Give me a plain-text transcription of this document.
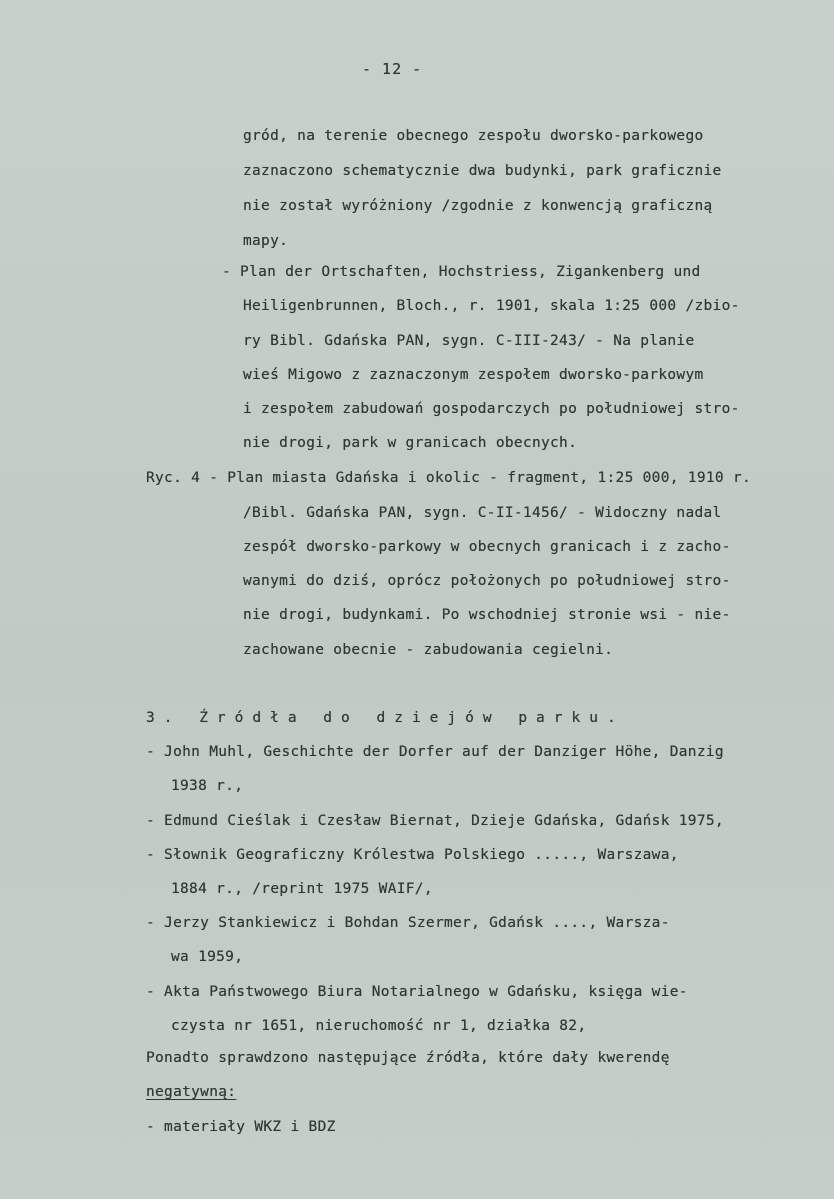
- 12 -
gród, na terenie obecnego zespołu dworsko-parkowego
zaznaczono schematycznie dwa budynki, park graficznie
nie został wyróżniony /zgodnie z konwencją graficzną
mapy.
- Plan der Ortschaften, Hochstriess, Zigankenberg und
Heiligenbrunnen, Bloch., r. 1901, skala 1:25 000 /zbio-
ry Bibl. Gdańska PAN, sygn. C-III-243/ - Na planie
wieś Migowo z zaznaczonym zespołem dworsko-parkowym
i zespołem zabudowań gospodarczych po południowej stro-
nie drogi, park w granicach obecnych.
Ryc. 4 - Plan miasta Gdańska i okolic - fragment, 1:25 000, 1910 r.
/Bibl. Gdańska PAN, sygn. C-II-1456/ - Widoczny nadal
zespół dworsko-parkowy w obecnych granicach i z zacho-
wanymi do dziś, oprócz położonych po południowej stro-
nie drogi, budynkami. Po wschodniej stronie wsi - nie-
zachowane obecnie - zabudowania cegielni.
3. Źródła do dziejów parku.
- John Muhl, Geschichte der Dorfer auf der Danziger Höhe, Danzig
1938 r.,
- Edmund Cieślak i Czesław Biernat, Dzieje Gdańska, Gdańsk 1975,
- Słownik Geograficzny Królestwa Polskiego ....., Warszawa,
1884 r., /reprint 1975 WAIF/,
- Jerzy Stankiewicz i Bohdan Szermer, Gdańsk ...., Warsza-
wa 1959,
- Akta Państwowego Biura Notarialnego w Gdańsku, księga wie-
czysta nr 1651, nieruchomość nr 1, działka 82,
Ponadto sprawdzono następujące źródła, które dały kwerendę
negatywną:
- materiały WKZ i BDZ
